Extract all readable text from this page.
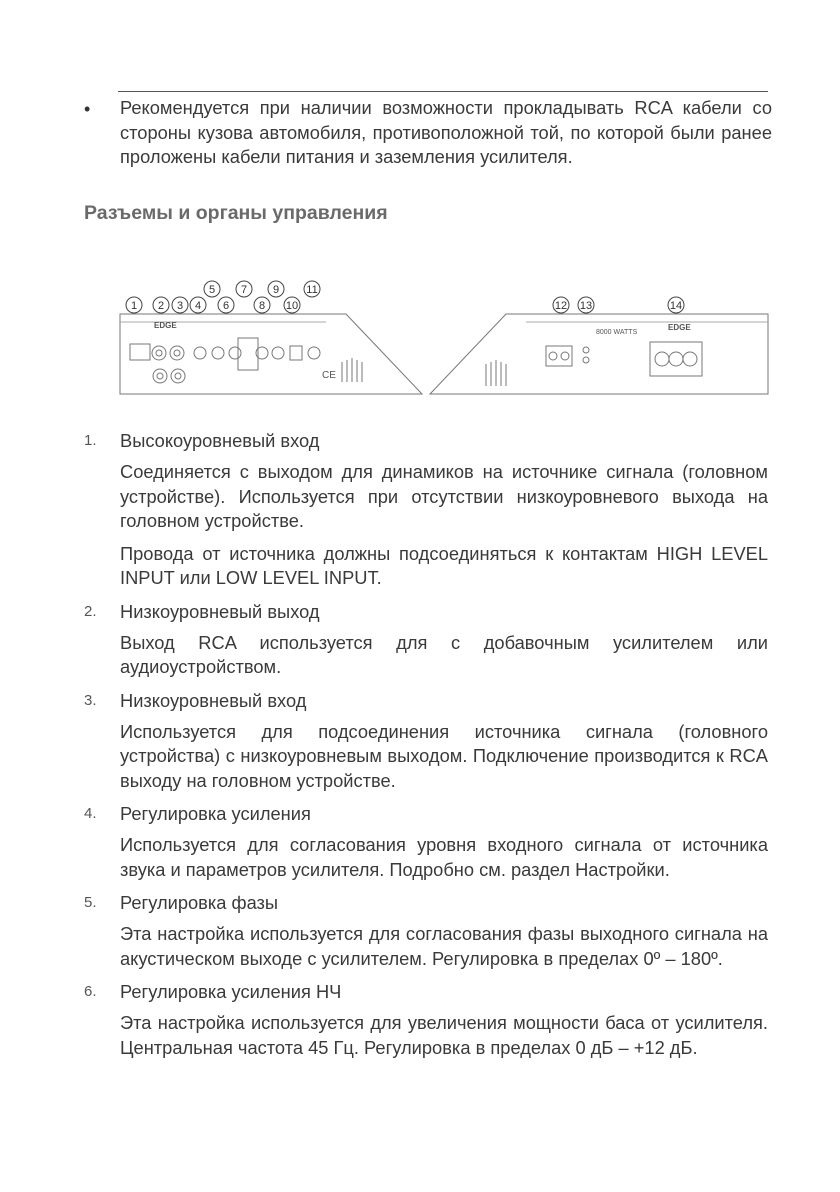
• Рекомендуется при наличии возможности прокладывать RCA кабели со стороны кузова автомобиля, противоположной той, по которой были ранее проложены кабели питания и заземления усилителя.
Разъемы и органы управления
EDGE
CE
8000 WATTS
EDGE
1 2 3 4
5
6
7
8
9
10
11
12 13	14
1. Высокоуровневый вход
Соединяется с выходом для динамиков на источнике сигнала (головном устройстве). Используется при отсутствии низкоуровневого выхода на головном устройстве.
Провода от источника должны подсоединяться к контактам HIGH LEVEL INPUT или LOW LEVEL INPUT.
2. Низкоуровневый выход
Выход RCA используется для с добавочным усилителем или аудиоустройством.
3. Низкоуровневый вход
Используется для подсоединения источника сигнала (головного устройства) с низкоуровневым выходом. Подключение производится к RCA выходу на головном устройстве.
4. Регулировка усиления
Используется для согласования уровня входного сигнала от источника звука и параметров усилителя. Подробно см. раздел Настройки.
5. Регулировка фазы
Эта настройка используется для согласования фазы выходного сигнала на акустическом выходе с усилителем. Регулировка в пределах 0º – 180º.
6. Регулировка усиления НЧ
Эта настройка используется для увеличения мощности баса от усилителя. Центральная частота 45 Гц. Регулировка в пределах 0 дБ – +12 дБ.
